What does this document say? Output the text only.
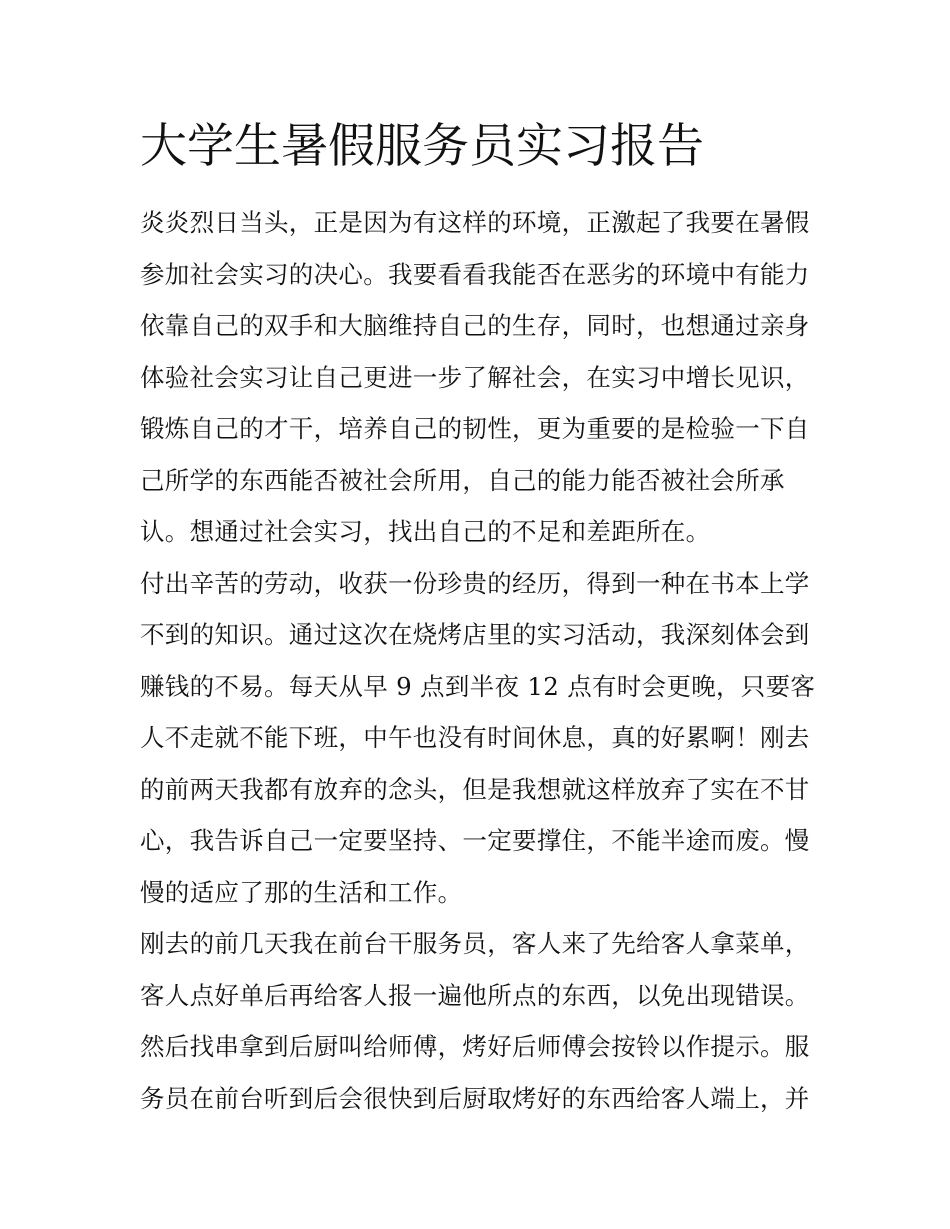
大学生暑假服务员实习报告
炎炎烈日当头，正是因为有这样的环境，正激起了我要在暑假
参加社会实习的决心。我要看看我能否在恶劣的环境中有能力
依靠自己的双手和大脑维持自己的生存，同时，也想通过亲身
体验社会实习让自己更进一步了解社会，在实习中增长见识，
锻炼自己的才干，培养自己的韧性，更为重要的是检验一下自
己所学的东西能否被社会所用，自己的能力能否被社会所承
认。想通过社会实习，找出自己的不足和差距所在。
付出辛苦的劳动，收获一份珍贵的经历，得到一种在书本上学
不到的知识。通过这次在烧烤店里的实习活动，我深刻体会到
赚钱的不易。每天从早 9 点到半夜 12 点有时会更晚，只要客
人不走就不能下班，中午也没有时间休息，真的好累啊！刚去
的前两天我都有放弃的念头，但是我想就这样放弃了实在不甘
心，我告诉自己一定要坚持、一定要撑住，不能半途而废。慢
慢的适应了那的生活和工作。
刚去的前几天我在前台干服务员，客人来了先给客人拿菜单，
客人点好单后再给客人报一遍他所点的东西，以免出现错误。
然后找串拿到后厨叫给师傅，烤好后师傅会按铃以作提示。服
务员在前台听到后会很快到后厨取烤好的东西给客人端上，并
